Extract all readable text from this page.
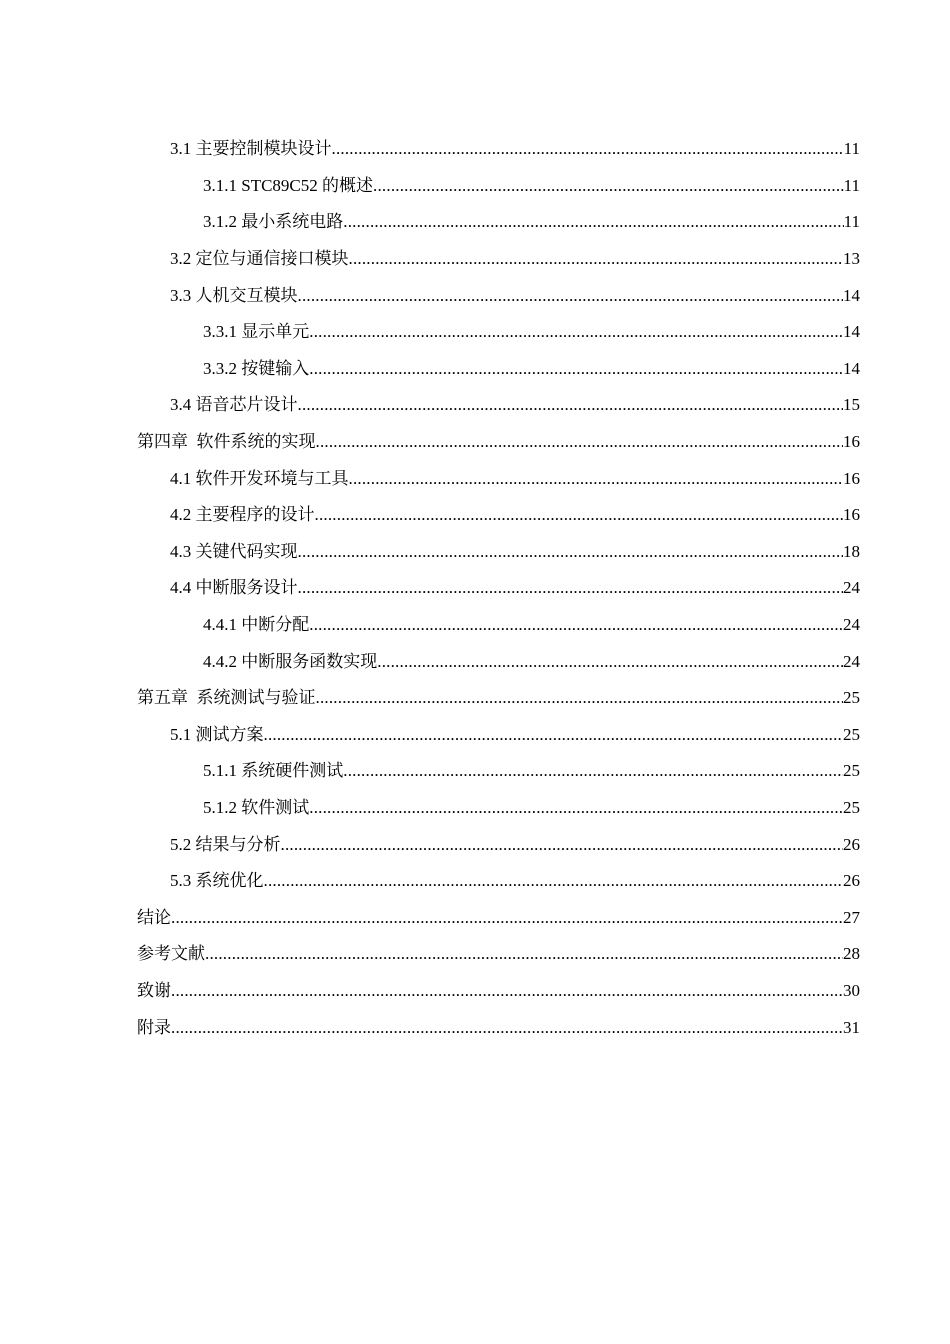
3.1 主要控制模块设计 .....	11
3.1.1 STC89C52 的概述 .....	11
3.1.2 最小系统电路 .....	11
3.2 定位与通信接口模块 .....	13
3.3 人机交互模块 .....	14
3.3.1 显示单元 .....	14
3.3.2 按键输入 .....	14
3.4 语音芯片设计 .....	15
第四章  软件系统的实现 .....	16
4.1 软件开发环境与工具 .....	16
4.2 主要程序的设计 .....	16
4.3 关键代码实现 .....	18
4.4 中断服务设计 .....	24
4.4.1 中断分配 .....	24
4.4.2 中断服务函数实现 .....	24
第五章  系统测试与验证 .....	25
5.1 测试方案 .....	25
5.1.1 系统硬件测试 .....	25
5.1.2 软件测试 .....	25
5.2 结果与分析 .....	26
5.3 系统优化 .....	26
结论 .....	27
参考文献 .....	28
致谢 .....	30
附录 .....	31
